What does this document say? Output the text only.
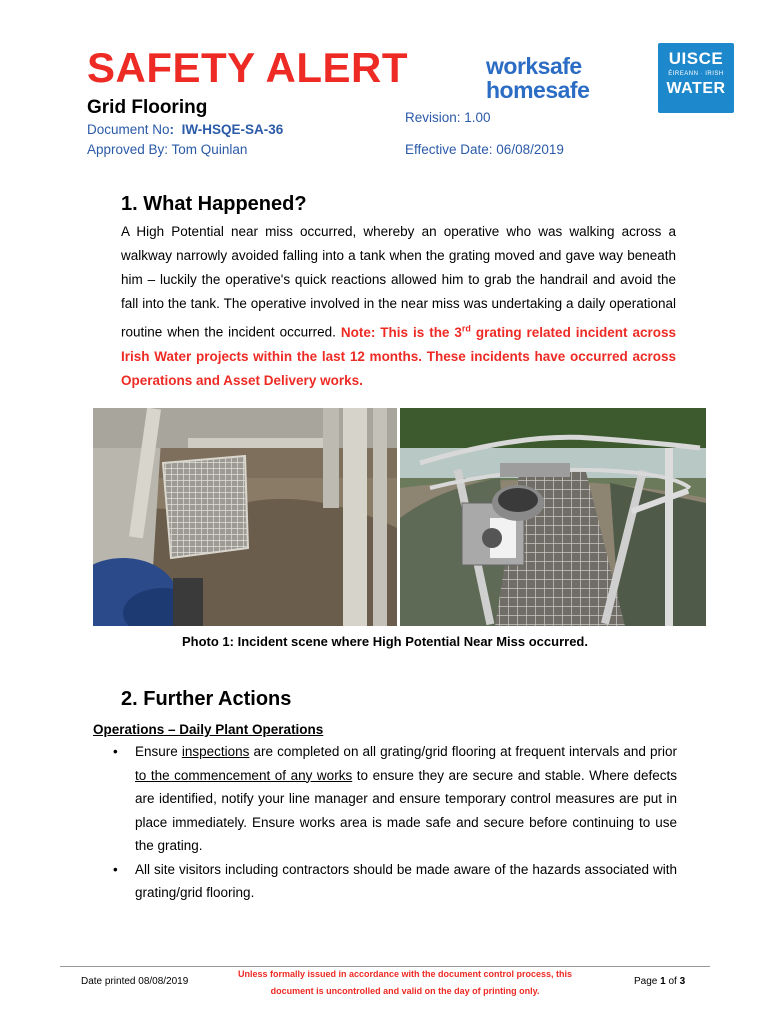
SAFETY ALERT
Grid Flooring
Document No: IW-HSQE-SA-36
Approved By: Tom Quinlan
Revision: 1.00
Effective Date: 06/08/2019
worksafe
homesafe
UISCE
ÉIREANN · IRISH
WATER
1. What Happened?
A High Potential near miss occurred, whereby an operative who was walking across a walkway narrowly avoided falling into a tank when the grating moved and gave way beneath him – luckily the operative's quick reactions allowed him to grab the handrail and avoid the fall into the tank. The operative involved in the near miss was undertaking a daily operational routine when the incident occurred. Note: This is the 3rd grating related incident across Irish Water projects within the last 12 months. These incidents have occurred across Operations and Asset Delivery works.
Photo 1: Incident scene where High Potential Near Miss occurred.
2. Further Actions
Operations – Daily Plant Operations
• Ensure inspections are completed on all grating/grid flooring at frequent intervals and prior to the commencement of any works to ensure they are secure and stable. Where defects are identified, notify your line manager and ensure temporary control measures are put in place immediately. Ensure works area is made safe and secure before continuing to use the grating.
• All site visitors including contractors should be made aware of the hazards associated with grating/grid flooring.
Date printed 08/08/2019
Unless formally issued in accordance with the document control process, this
document is uncontrolled and valid on the day of printing only.
Page 1 of 3
